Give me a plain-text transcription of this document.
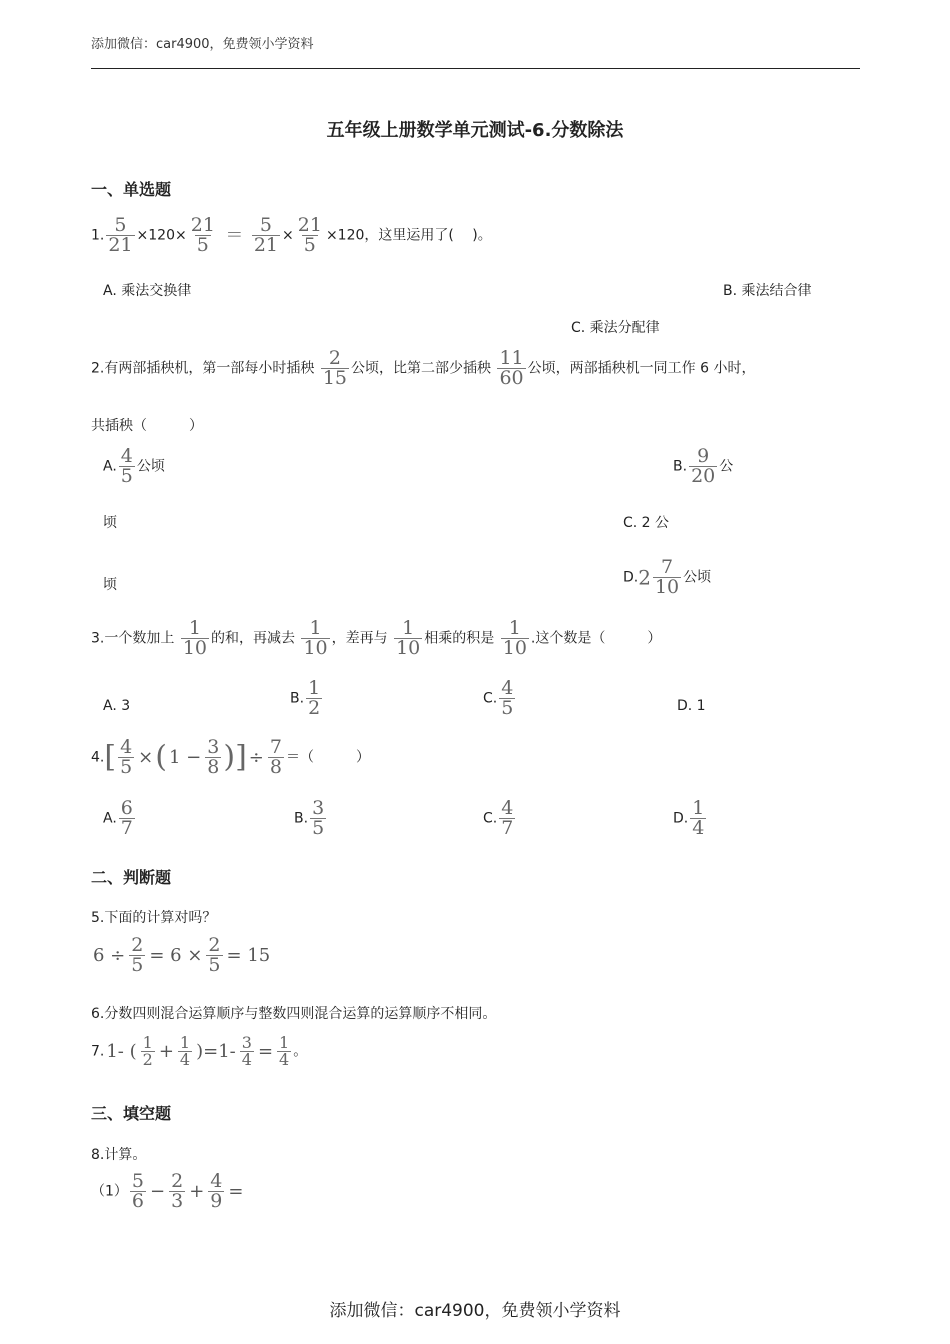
添加微信：car4900，免费领小学资料
五年级上册数学单元测试-6.分数除法
一、单选题
1. $\frac{5}{21} \times 120\times \frac{21}{5} = \frac{5}{21} \times \frac{21}{5} \times 120$，这里运用了(　 )。
A. 乘法交换律	B. 乘法结合律
C. 乘法分配律
2.有两部插秧机，第一部每小时插秧 $\frac{2}{15}$ 公顷，比第二部少插秧 $\frac{11}{60}$ 公顷，两部插秧机一同工作 6 小时，
共插秧（　　　）
A. $\frac{4}{5}$ 公顷	B. $\frac{9}{20}$ 公
顷	C. 2 公
顷	$D.2 \frac{7}{10}$ 公顷
3.一个数加上 $\frac{1}{10}$ 的和，再减去 $\frac{1}{10}$ ，差再与 $\frac{1}{10}$ 相乘的积是 $\frac{1}{10}$ .这个数是（　　　）
A. 3	B. $\frac{1}{2}$	C. $\frac{4}{5}$	D. 1
$4.[ \frac{4}{5}$ ×( $1 - \frac{3}{8}$ )] ÷ $\frac{7}{8}$ ＝（　　　）
A. $\frac{6}{7}$	B. $\frac{3}{5}$	C. $\frac{4}{7}$	D. $\frac{1}{4}$
二、判断题
5.下面的计算对吗？
$6 \div \frac{2}{5} = 6 \times \frac{2}{5} = 15$
6.分数四则混合运算顺序与整数四则混合运算的运算顺序不相同。
7. 1- ( $\frac{1}{2} + \frac{1}{4} )=1- \frac{3}{4} = \frac{1}{4}$ 。
三、填空题
8.计算。
$(1) \frac{5}{6} - \frac{2}{3} + \frac{4}{9}$ =
添加微信：car4900，免费领小学资料
